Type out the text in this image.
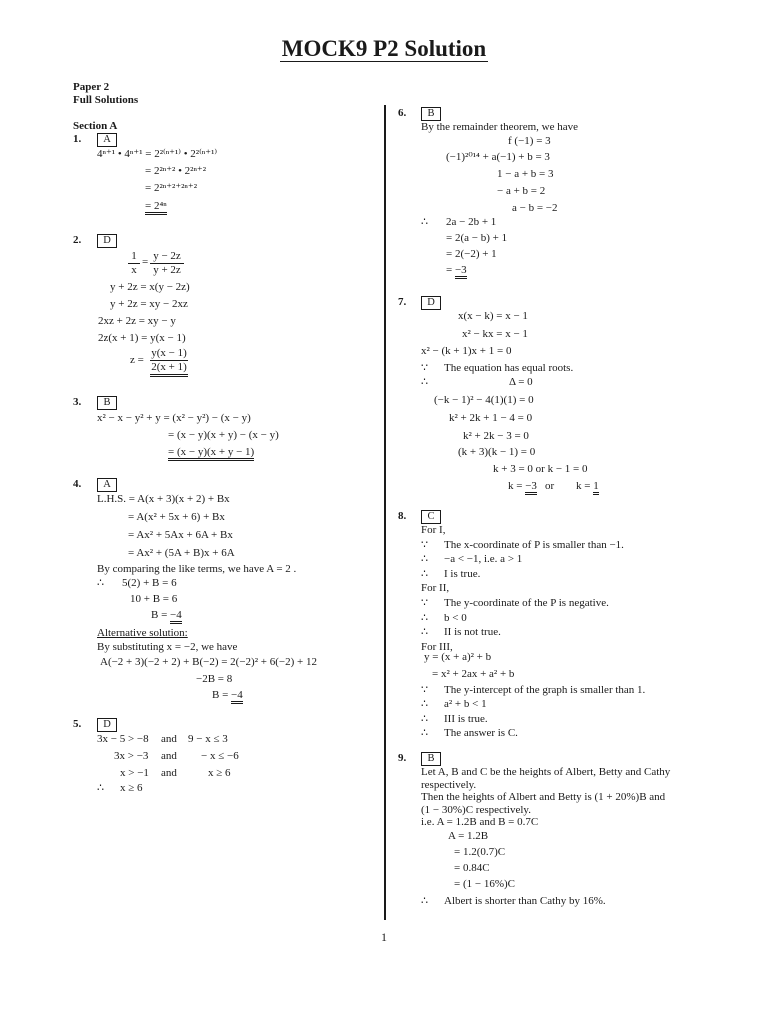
MOCK9 P2 Solution
Paper 2
Full Solutions
Section A
1.	A
4ⁿ⁺¹ • 4ⁿ⁺¹ = 2²⁽ⁿ⁺¹⁾ • 2²⁽ⁿ⁺¹⁾
= 2²ⁿ⁺² • 2²ⁿ⁺²
= 2²ⁿ⁺²⁺²ⁿ⁺²
= 2⁴ⁿ
2.	D
$\frac{1}{x} = \frac{y - 2z}{y + 2z}$
y + 2z = x(y − 2z)
y + 2z = xy − 2xz
2xz + 2z = xy − y
2z(x + 1) = y(x − 1)
$z = \frac{y(x - 1)}{2(x + 1)}$
3.	B
x² − x − y² + y = (x² − y²) − (x − y)
= (x − y)(x + y) − (x − y)
= (x − y)(x + y − 1)
4.	A
L.H.S. = A(x + 3)(x + 2) + Bx
= A(x² + 5x + 6) + Bx
= Ax² + 5Ax + 6A + Bx
= Ax² + (5A + B)x + 6A
By comparing the like terms, we have A = 2 .
∴ 5(2) + B = 6
10 + B = 6
B = −4
Alternative solution:
By substituting x = −2, we have
A(−2 + 3)(−2 + 2) + B(−2) = 2(−2)² + 6(−2) + 12
−2B = 8
B = −4
5.	D
3x − 5 > −8 and 9 − x ≤ 3
3x > −3 and − x ≤ −6
x > −1 and	x ≥ 6
∴ x ≥ 6
6.	B
By the remainder theorem, we have
f (−1) = 3
(−1)²⁰¹⁴ + a(−1) + b = 3
1 − a + b = 3
− a + b = 2
a − b = −2
∴ 2a − 2b + 1
= 2(a − b) + 1
= 2(−2) + 1
= −3
7.	D
x(x − k) = x − 1
x² − kx = x − 1
x² − (k + 1)x + 1 = 0
∵ The equation has equal roots.
∴	Δ = 0
(−k − 1)² − 4(1)(1) = 0
k² + 2k + 1 − 4 = 0
k² + 2k − 3 = 0
(k + 3)(k − 1) = 0
k + 3 = 0 or k − 1 = 0
k = −3 or k = 1
8.	C
For I,
∵ The x-coordinate of P is smaller than −1.
∴ −a < −1, i.e. a > 1
∴ I is true.
For II,
∵ The y-coordinate of the P is negative.
∴ b < 0
∴ II is not true.
For III,
y = (x + a)² + b
= x² + 2ax + a² + b
∵ The y-intercept of the graph is smaller than 1.
∴ a² + b < 1
∴ III is true.
∴ The answer is C.
9.	B
Let A, B and C be the heights of Albert, Betty and Cathy
respectively.
Then the heights of Albert and Betty is (1 + 20%)B and
(1 − 30%)C respectively.
i.e. A = 1.2B and B = 0.7C
A = 1.2B
= 1.2(0.7)C
= 0.84C
= (1 − 16%)C
∴ Albert is shorter than Cathy by 16%.
1
